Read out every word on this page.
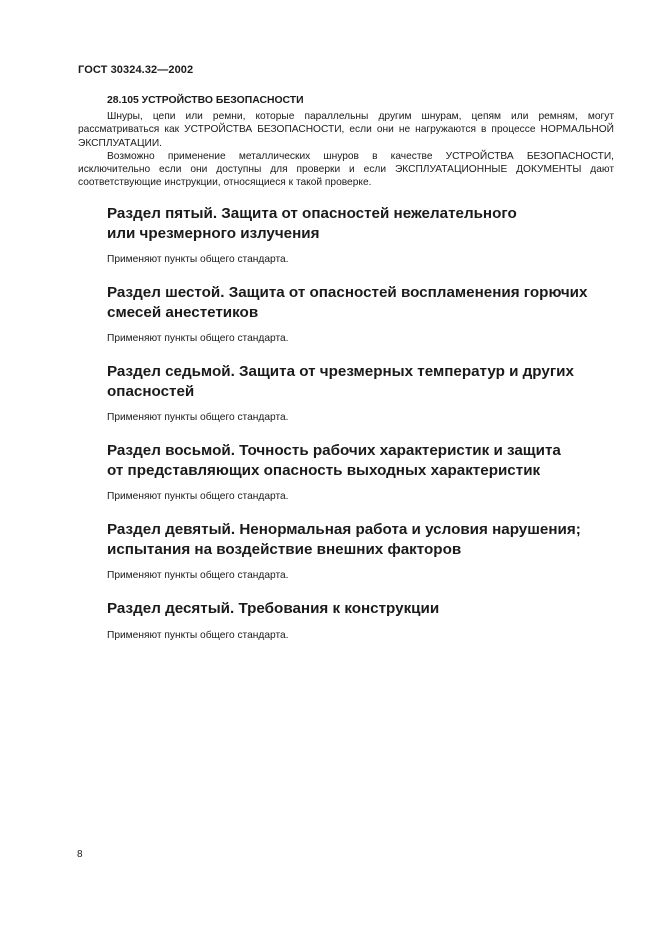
ГОСТ 30324.32—2002
28.105 УСТРОЙСТВО БЕЗОПАСНОСТИ

Шнуры, цепи или ремни, которые параллельны другим шнурам, цепям или ремням, могут рассматриваться как УСТРОЙСТВА БЕЗОПАСНОСТИ, если они не нагружаются в процессе НОРМАЛЬНОЙ ЭКСПЛУАТАЦИИ.

Возможно применение металлических шнуров в качестве УСТРОЙСТВА БЕЗОПАСНОСТИ, исключительно если они доступны для проверки и если ЭКСПЛУАТАЦИОННЫЕ ДОКУМЕНТЫ дают соответствующие инструкции, относящиеся к такой проверке.

Раздел пятый. Защита от опасностей нежелательного
или чрезмерного излучения
Применяют пункты общего стандарта.
Раздел шестой. Защита от опасностей воспламенения горючих
смесей анестетиков
Применяют пункты общего стандарта.
Раздел седьмой. Защита от чрезмерных температур и других
опасностей
Применяют пункты общего стандарта.
Раздел восьмой. Точность рабочих характеристик и защита
от представляющих опасность выходных характеристик
Применяют пункты общего стандарта.
Раздел девятый. Ненормальная работа и условия нарушения;
испытания на воздействие внешних факторов
Применяют пункты общего стандарта.
Раздел десятый. Требования к конструкции
Применяют пункты общего стандарта.
8
